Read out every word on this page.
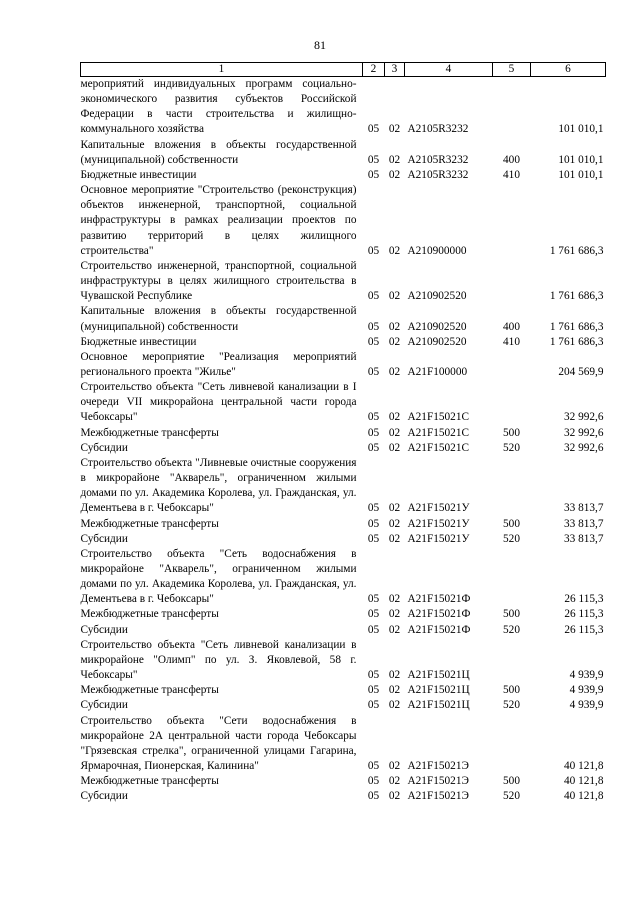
81
1	2	3	4	5	6
мероприятий индивидуальных программ социально-экономического развития субъектов Российской Федерации в части строительства и жилищно-коммунального хозяйства	05	02	A2105R3232		101 010,1
Капитальные вложения в объекты государственной (муниципальной) собственности	05	02	A2105R3232	400	101 010,1
Бюджетные инвестиции	05	02	A2105R3232	410	101 010,1
Основное мероприятие "Строительство (реконструкция) объектов инженерной, транспортной, социальной инфраструктуры в рамках реализации проектов по развитию территорий в целях жилищного строительства"	05	02	A210900000		1 761 686,3
Строительство инженерной, транспортной, социальной инфраструктуры в целях жилищного строительства в Чувашской Республике	05	02	A210902520		1 761 686,3
Капитальные вложения в объекты государственной (муниципальной) собственности	05	02	A210902520	400	1 761 686,3
Бюджетные инвестиции	05	02	A210902520	410	1 761 686,3
Основное мероприятие "Реализация мероприятий регионального проекта "Жилье"	05	02	A21F100000		204 569,9
Строительство объекта "Сеть ливневой канализации в I очереди VII микрорайона центральной части города Чебоксары"	05	02	A21F15021C		32 992,6
Межбюджетные трансферты	05	02	A21F15021C	500	32 992,6
Субсидии	05	02	A21F15021C	520	32 992,6
Строительство объекта "Ливневые очистные сооружения в микрорайоне "Акварель", ограниченном жилыми домами по ул. Академика Королева, ул. Гражданская, ул. Дементьева в г. Чебоксары"	05	02	A21F15021У		33 813,7
Межбюджетные трансферты	05	02	A21F15021У	500	33 813,7
Субсидии	05	02	A21F15021У	520	33 813,7
Строительство объекта "Сеть водоснабжения в микрорайоне "Акварель", ограниченном жилыми домами по ул. Академика Королева, ул. Гражданская, ул. Дементьева в г. Чебоксары"	05	02	A21F15021Ф		26 115,3
Межбюджетные трансферты	05	02	A21F15021Ф	500	26 115,3
Субсидии	05	02	A21F15021Ф	520	26 115,3
Строительство объекта "Сеть ливневой канализации в микрорайоне "Олимп" по ул. З. Яковлевой, 58 г. Чебоксары"	05	02	A21F15021Ц		4 939,9
Межбюджетные трансферты	05	02	A21F15021Ц	500	4 939,9
Субсидии	05	02	A21F15021Ц	520	4 939,9
Строительство объекта "Сети водоснабжения в микрорайоне 2А центральной части города Чебоксары "Грязевская стрелка", ограниченной улицами Гагарина, Ярмарочная, Пионерская, Калинина"	05	02	A21F15021Э		40 121,8
Межбюджетные трансферты	05	02	A21F15021Э	500	40 121,8
Субсидии	05	02	A21F15021Э	520	40 121,8
